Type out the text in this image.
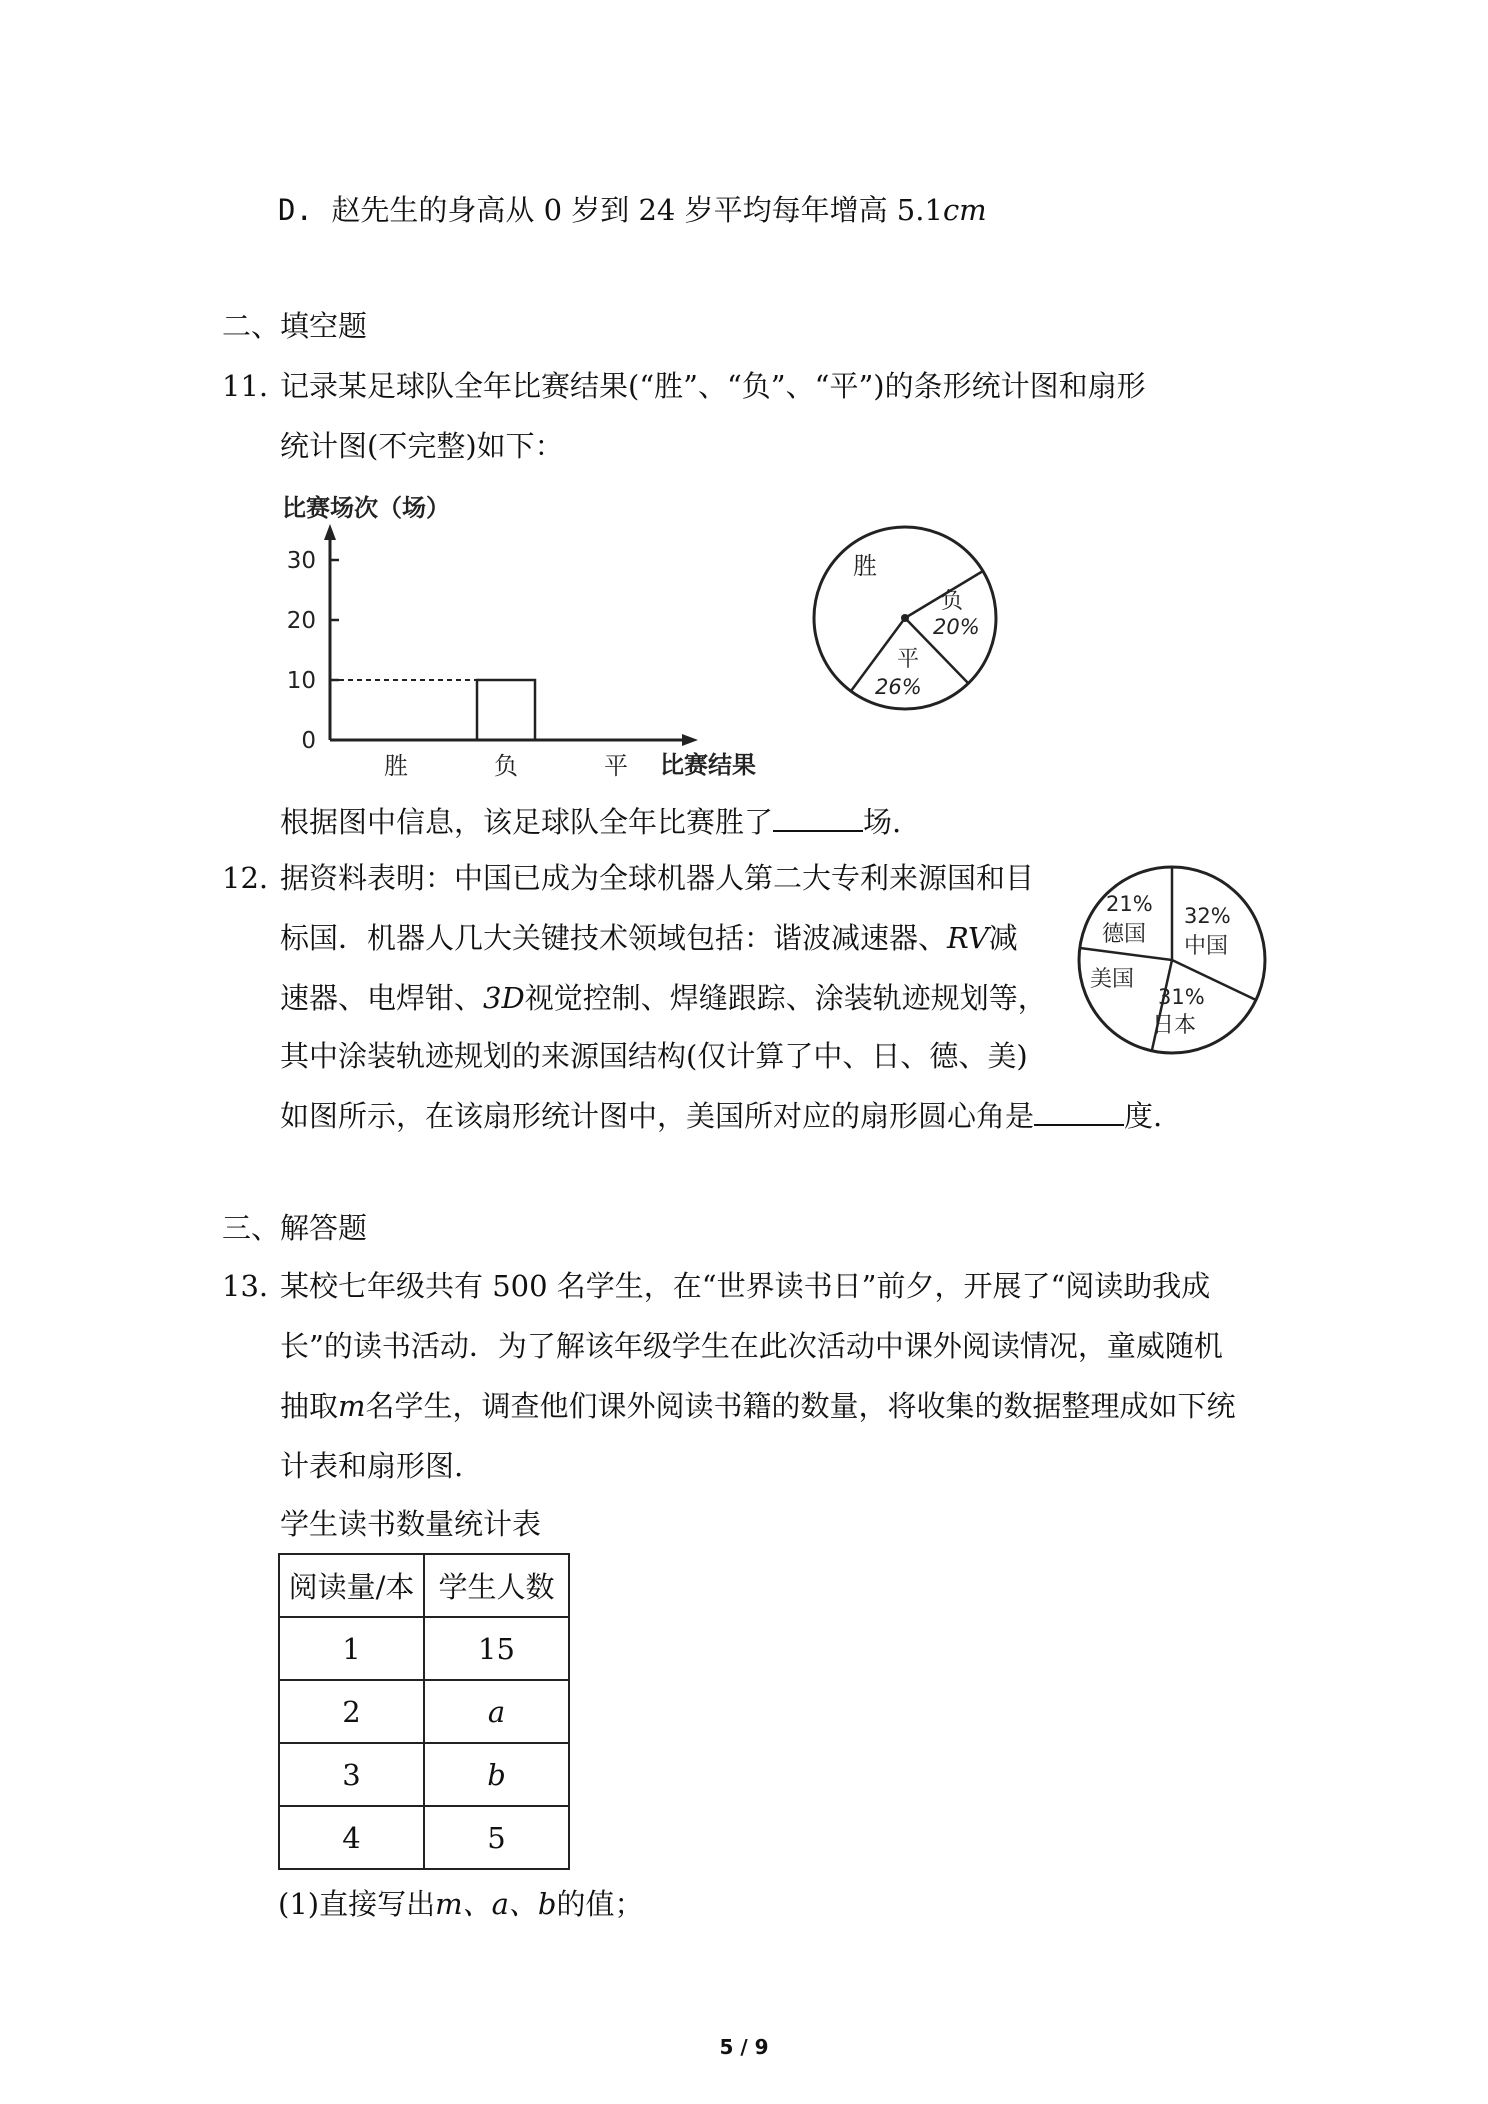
D. 赵先生的身高从 0 岁到 24 岁平均每年增高 5.1cm
二、填空题
11. 记录某足球队全年比赛结果(“胜”、“负”、“平”)的条形统计图和扇形
统计图(不完整)如下：
比赛场次（场）
0
10
20
30
胜	负	平 比赛结果
胜
负
20%
平
26%
根据图中信息，该足球队全年比赛胜了	场.
12. 据资料表明：中国已成为全球机器人第二大专利来源国和目
标国．机器人几大关键技术领域包括：谐波减速器、RV减
速器、电焊钳、3D视觉控制、焊缝跟踪、涂装轨迹规划等，
其中涂装轨迹规划的来源国结构(仅计算了中、日、德、美)
如图所示，在该扇形统计图中，美国所对应的扇形圆心角是	度.
21%
德国
32%
中国
美国
31%
日本
三、解答题
13. 某校七年级共有 500 名学生，在“世界读书日”前夕，开展了“阅读助我成
长”的读书活动．为了解该年级学生在此次活动中课外阅读情况，童威随机
抽取m名学生，调查他们课外阅读书籍的数量，将收集的数据整理成如下统
计表和扇形图.
学生读书数量统计表
阅读量/本	学生人数
1	15
2	a
3	b
4	5
(1)直接写出m、a、b的值；
5 / 9
